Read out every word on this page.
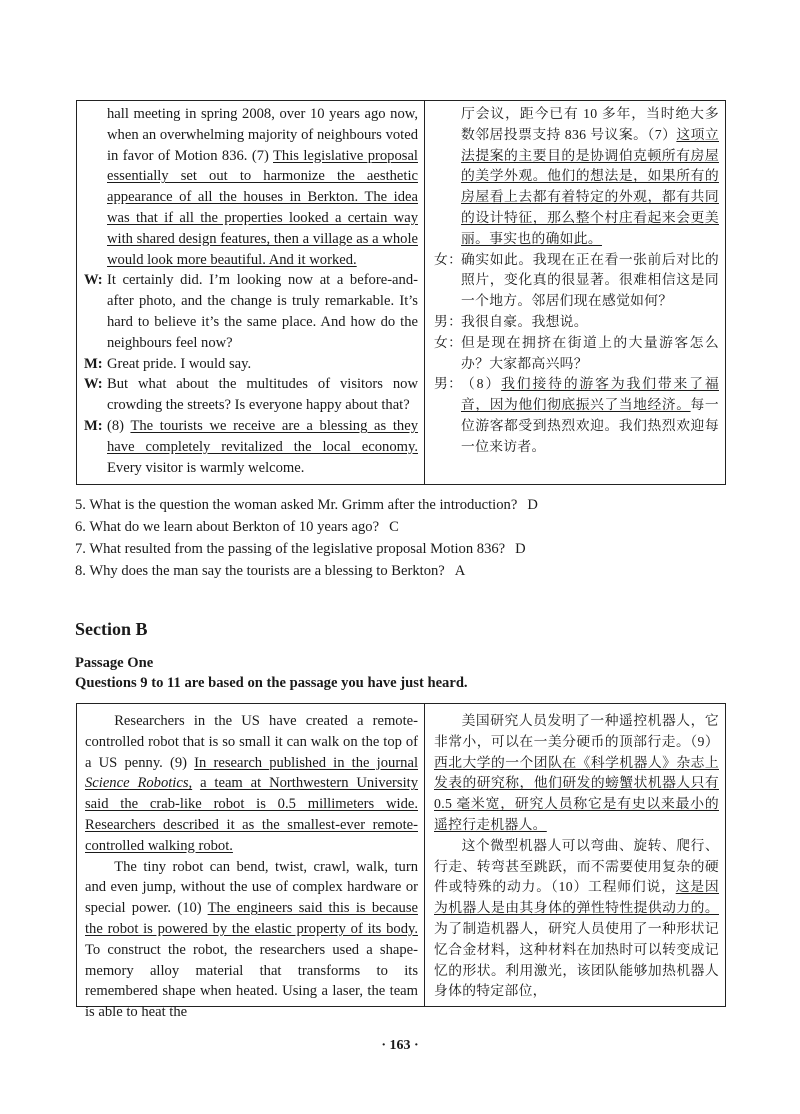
hall meeting in spring 2008, over 10 years ago now, when an overwhelming majority of neighbours voted in favor of Motion 836. (7) This legislative proposal essentially set out to harmonize the aesthetic appearance of all the houses in Berkton. The idea was that if all the properties looked a certain way with shared design features, then a village as a whole would look more beautiful. And it worked.

W: It certainly did. I’m looking now at a before-and-after photo, and the change is truly remarkable. It’s hard to believe it’s the same place. And how do the neighbours feel now?
M: Great pride. I would say.
W: But what about the multitudes of visitors now crowding the streets? Is everyone happy about that?
M: (8) The tourists we receive are a blessing as they have completely revitalized the local economy. Every visitor is warmly welcome.

厅会议，距今已有 10 多年，当时绝大多数邻居投票支持 836 号议案。（7）这项立法提案的主要目的是协调伯克顿所有房屋的美学外观。他们的想法是，如果所有的房屋看上去都有着特定的外观，都有共同的设计特征，那么整个村庄看起来会更美丽。事实也的确如此。

女：
确实如此。我现在正在看一张前后对比的照片，变化真的很显著。很难相信这是同一个地方。邻居们现在感觉如何？
男：
我很自豪。我想说。
女：
但是现在拥挤在街道上的大量游客怎么办？大家都高兴吗？
男：
（8）我们接待的游客为我们带来了福音，因为他们彻底振兴了当地经济。每一位游客都受到热烈欢迎。我们热烈欢迎每一位来访者。
5. What is the question the woman asked Mr. Grimm after the introduction? D
6. What do we learn about Berkton of 10 years ago? C
7. What resulted from the passing of the legislative proposal Motion 836? D
8. Why does the man say the tourists are a blessing to Berkton? A
Section B
Passage One
Questions 9 to 11 are based on the passage you have just heard.

Researchers in the US have created a remote-controlled robot that is so small it can walk on the top of a US penny. (9) In research published in the journal Science Robotics, a team at Northwestern University said the crab-like robot is 0.5 millimeters wide. Researchers described it as the smallest-ever remote-controlled walking robot.

The tiny robot can bend, twist, crawl, walk, turn and even jump, without the use of complex hardware or special power. (10) The engineers said this is because the robot is powered by the elastic property of its body. To construct the robot, the researchers used a shape-memory alloy material that transforms to its remembered shape when heated. Using a laser, the team is able to heat the

美国研究人员发明了一种遥控机器人，它非常小，可以在一美分硬币的顶部行走。（9）西北大学的一个团队在《科学机器人》杂志上发表的研究称，他们研发的螃蟹状机器人只有 0.5 毫米宽，研究人员称它是有史以来最小的遥控行走机器人。

这个微型机器人可以弯曲、旋转、爬行、行走、转弯甚至跳跃，而不需要使用复杂的硬件或特殊的动力。（10）工程师们说，这是因为机器人是由其身体的弹性特性提供动力的。为了制造机器人，研究人员使用了一种形状记忆合金材料，这种材料在加热时可以转变成记忆的形状。利用激光，该团队能够加热机器人身体的特定部位，

· 163 ·
